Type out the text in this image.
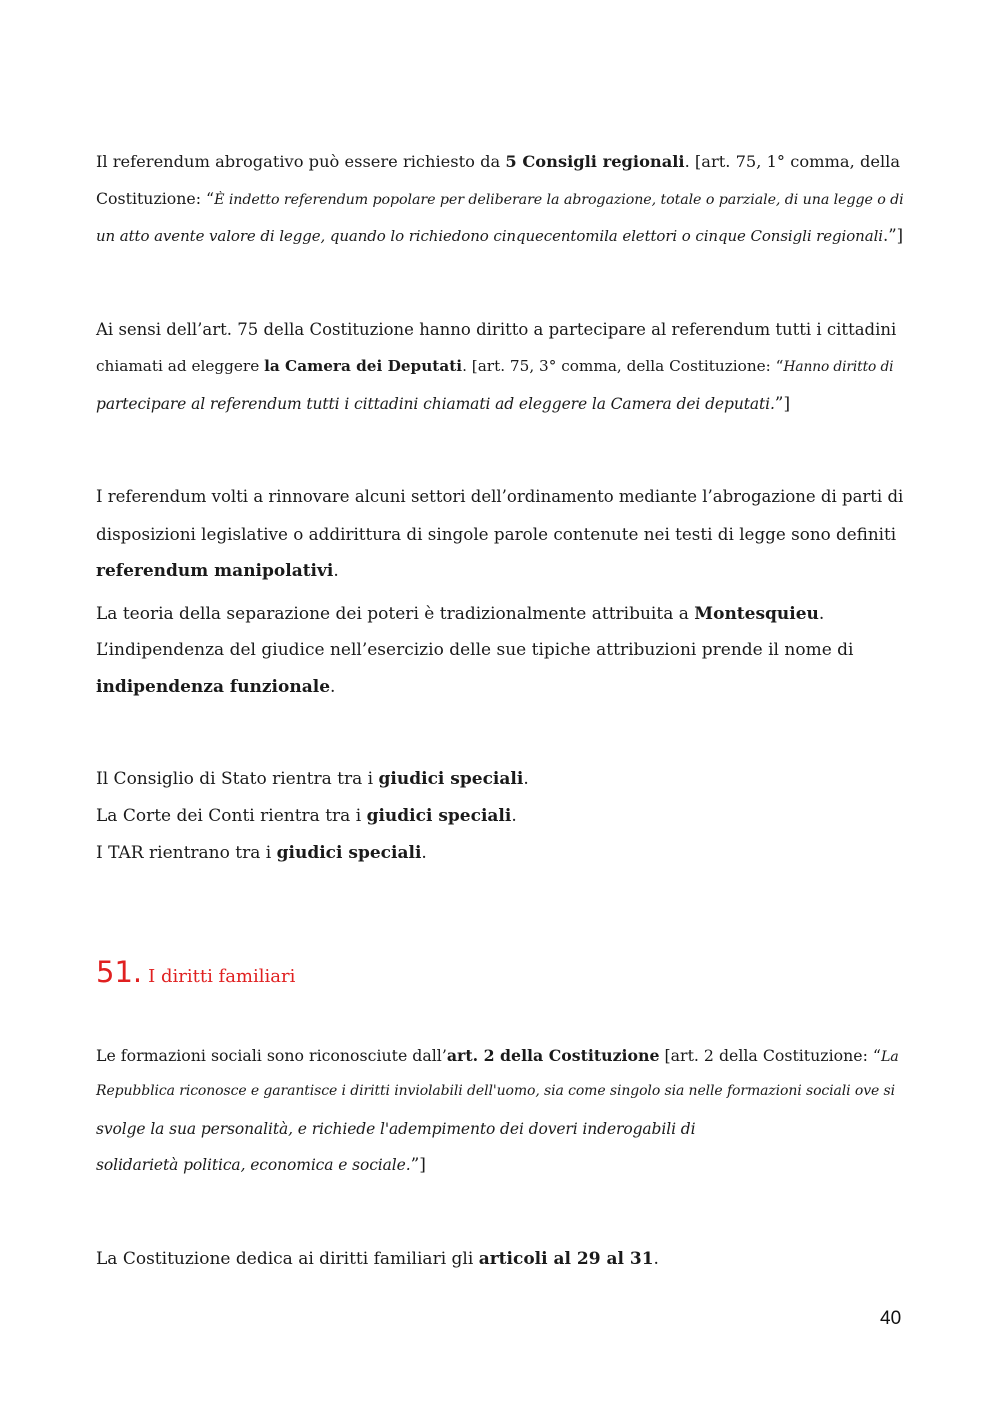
Il referendum abrogativo può essere richiesto da 5 Consigli regionali. [art. 75, 1° comma, della
Costituzione: “È indetto referendum popolare per deliberare la abrogazione, totale o parziale, di una legge o di
un atto avente valore di legge, quando lo richiedono cinquecentomila elettori o cinque Consigli regionali.”]
Ai sensi dell’art. 75 della Costituzione hanno diritto a partecipare al referendum tutti i cittadini
chiamati ad eleggere la Camera dei Deputati. [art. 75, 3° comma, della Costituzione: “Hanno diritto di
partecipare al referendum tutti i cittadini chiamati ad eleggere la Camera dei deputati.”]
I referendum volti a rinnovare alcuni settori dell’ordinamento mediante l’abrogazione di parti di
disposizioni legislative o addirittura di singole parole contenute nei testi di legge sono definiti
referendum manipolativi.
La teoria della separazione dei poteri è tradizionalmente attribuita a Montesquieu.
L’indipendenza del giudice nell’esercizio delle sue tipiche attribuzioni prende il nome di
indipendenza funzionale.
Il Consiglio di Stato rientra tra i giudici speciali.
La Corte dei Conti rientra tra i giudici speciali.
I TAR rientrano tra i giudici speciali.
51. I diritti familiari
Le formazioni sociali sono riconosciute dall’art. 2 della Costituzione [art. 2 della Costituzione: “La
Repubblica riconosce e garantisce i diritti inviolabili dell'uomo, sia come singolo sia nelle formazioni sociali ove si
svolge la sua personalità, e richiede l'adempimento dei doveri inderogabili di
solidarietà politica, economica e sociale.”]
La Costituzione dedica ai diritti familiari gli articoli al 29 al 31.
40
